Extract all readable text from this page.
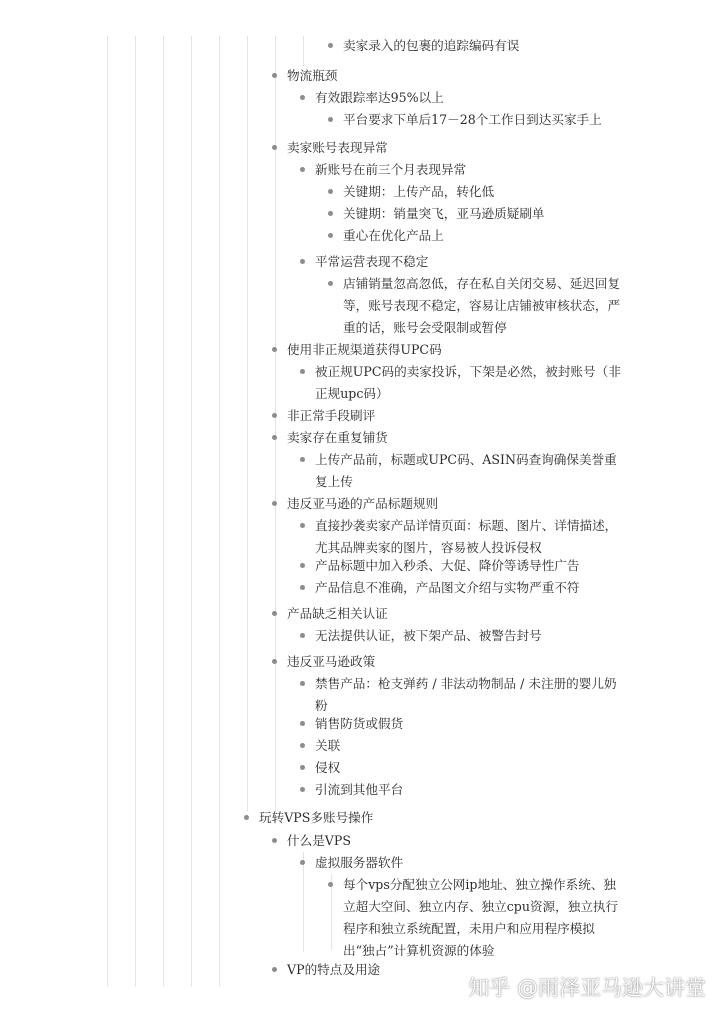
卖家录入的包裹的追踪编码有误
物流瓶颈
有效跟踪率达95%以上
平台要求下单后17－28个工作日到达买家手上
卖家账号表现异常
新账号在前三个月表现异常
关键期：上传产品，转化低
关键期：销量突飞，亚马逊质疑刷单
重心在优化产品上
平常运营表现不稳定
店铺销量忽高忽低，存在私自关闭交易、延迟回复
等，账号表现不稳定，容易让店铺被审核状态，严
重的话，账号会受限制或暂停
使用非正规渠道获得UPC码
被正规UPC码的卖家投诉，下架是必然，被封账号（非
正规upc码）
非正常手段刷评
卖家存在重复铺货
上传产品前，标题或UPC码、ASIN码查询确保美誉重
复上传
违反亚马逊的产品标题规则
直接抄袭卖家产品详情页面：标题、图片、详情描述，
尤其品牌卖家的图片，容易被人投诉侵权
产品标题中加入秒杀、大促、降价等诱导性广告
产品信息不准确，产品图文介绍与实物严重不符
产品缺乏相关认证
无法提供认证，被下架产品、被警告封号
违反亚马逊政策
禁售产品：枪支弹药 / 非法动物制品 / 未注册的婴儿奶
粉
销售防货或假货
关联
侵权
引流到其他平台
玩转VPS多账号操作
什么是VPS
虚拟服务器软件
每个vps分配独立公网ip地址、独立操作系统、独
立超大空间、独立内存、独立cpu资源，独立执行
程序和独立系统配置，未用户和应用程序模拟
出“独占”计算机资源的体验
VP的特点及用途
知乎 @雨泽亚马逊大讲堂
